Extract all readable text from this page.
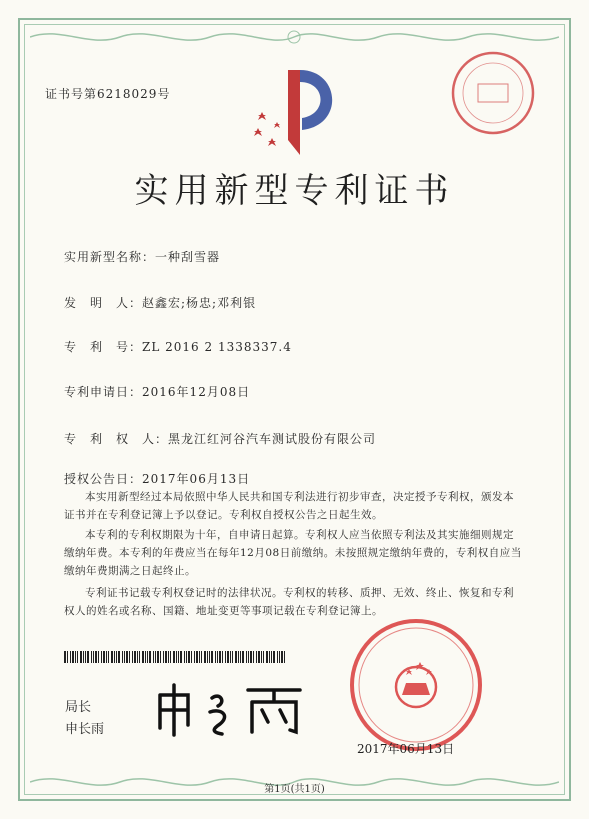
证书号第6218029号
实用新型专利证书
实用新型名称：一种刮雪器
发　明　人：赵鑫宏;杨忠;邓利银
专　利　号：ZL 2016 2 1338337.4
专利申请日：2016年12月08日
专　利　权　人：黑龙江红河谷汽车测试股份有限公司
授权公告日：2017年06月13日
本实用新型经过本局依照中华人民共和国专利法进行初步审查，决定授予专利权，颁发本证书并在专利登记簿上予以登记。专利权自授权公告之日起生效。
本专利的专利权期限为十年，自申请日起算。专利权人应当依照专利法及其实施细则规定缴纳年费。本专利的年费应当在每年12月08日前缴纳。未按照规定缴纳年费的，专利权自应当缴纳年费期满之日起终止。
专利证书记载专利权登记时的法律状况。专利权的转移、质押、无效、终止、恢复和专利权人的姓名或名称、国籍、地址变更等事项记载在专利登记簿上。
局长
申长雨
2017年06月13日
第1页(共1页)
